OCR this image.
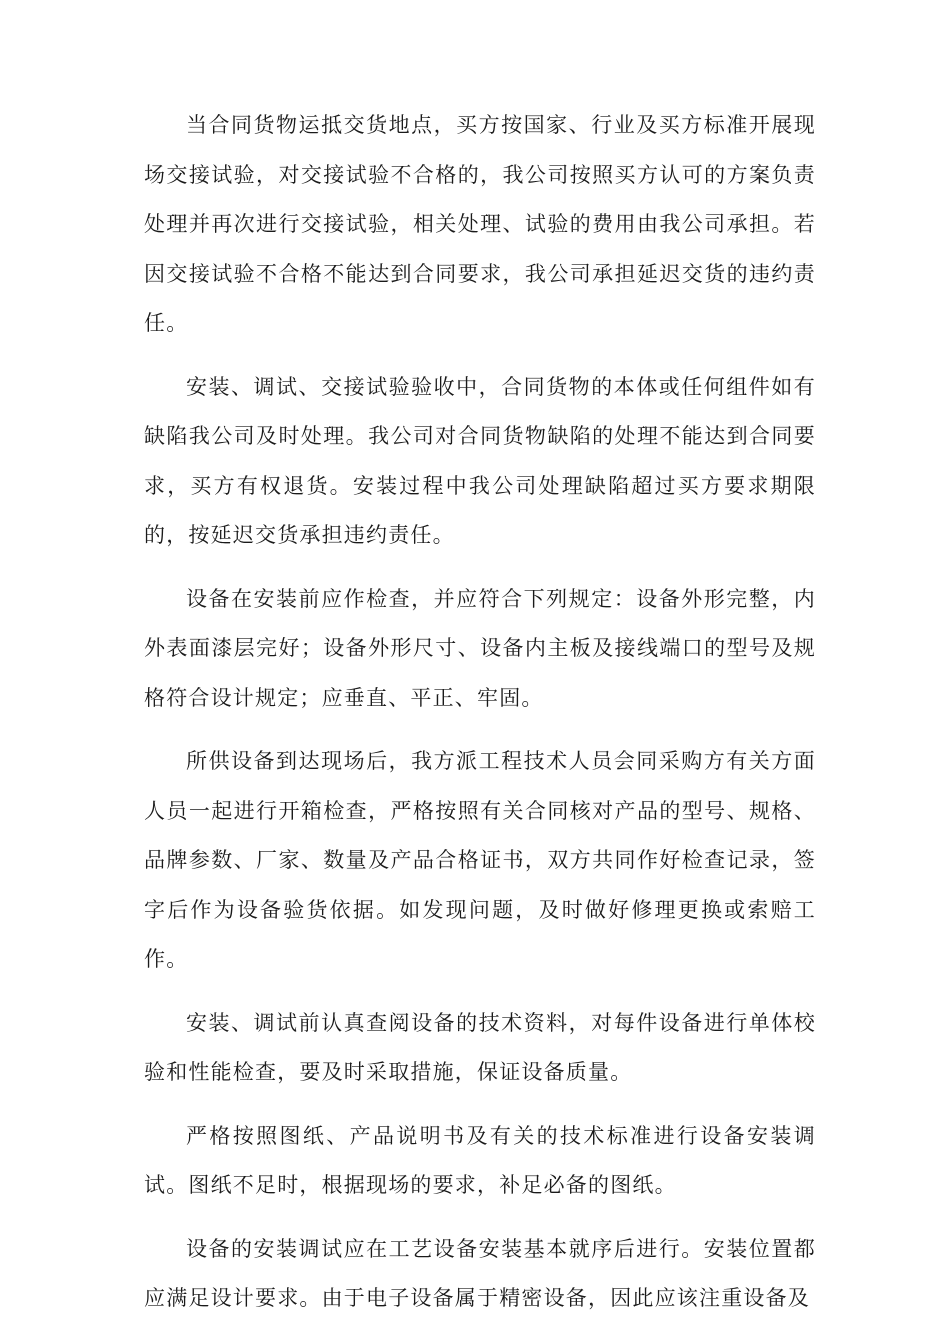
当合同货物运抵交货地点，买方按国家、行业及买方标准开展现场交接试验，对交接试验不合格的，我公司按照买方认可的方案负责处理并再次进行交接试验，相关处理、试验的费用由我公司承担。若因交接试验不合格不能达到合同要求，我公司承担延迟交货的违约责任。

安装、调试、交接试验验收中，合同货物的本体或任何组件如有缺陷我公司及时处理。我公司对合同货物缺陷的处理不能达到合同要求，买方有权退货。安装过程中我公司处理缺陷超过买方要求期限的，按延迟交货承担违约责任。

设备在安装前应作检查，并应符合下列规定：设备外形完整，内外表面漆层完好；设备外形尺寸、设备内主板及接线端口的型号及规格符合设计规定；应垂直、平正、牢固。

所供设备到达现场后，我方派工程技术人员会同采购方有关方面人员一起进行开箱检查，严格按照有关合同核对产品的型号、规格、品牌参数、厂家、数量及产品合格证书，双方共同作好检查记录，签字后作为设备验货依据。如发现问题，及时做好修理更换或索赔工作。

安装、调试前认真查阅设备的技术资料，对每件设备进行单体校验和性能检查，要及时采取措施，保证设备质量。

严格按照图纸、产品说明书及有关的技术标准进行设备安装调试。图纸不足时，根据现场的要求，补足必备的图纸。

设备的安装调试应在工艺设备安装基本就序后进行。安装位置都应满足设计要求。由于电子设备属于精密设备，因此应该注重设备及
